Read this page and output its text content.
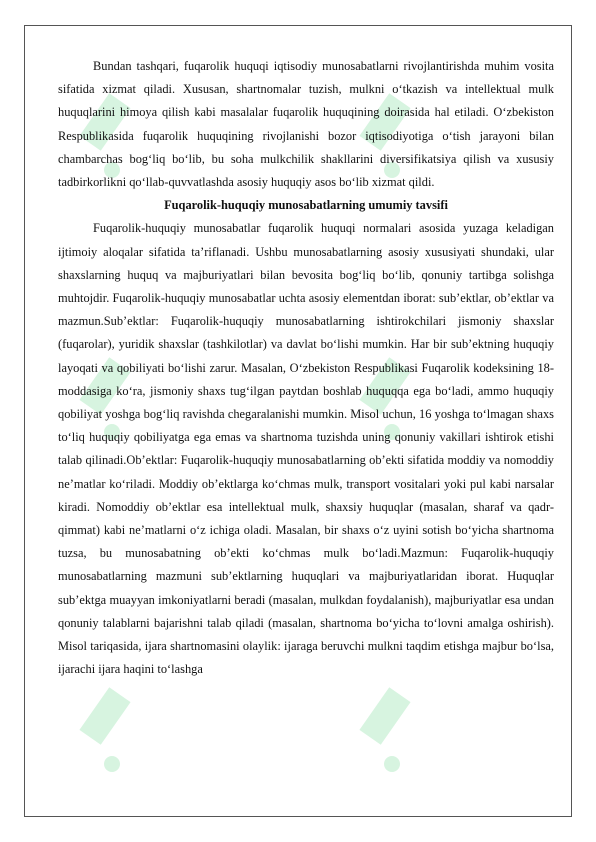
Bundan tashqari, fuqarolik huquqi iqtisodiy munosabatlarni rivojlantirishda muhim vosita sifatida xizmat qiladi. Xususan, shartnomalar tuzish, mulkni o‘tkazish va intellektual mulk huquqlarini himoya qilish kabi masalalar fuqarolik huquqining doirasida hal etiladi. O‘zbekiston Respublikasida fuqarolik huquqining rivojlanishi bozor iqtisodiyotiga o‘tish jarayoni bilan chambarchas bog‘liq bo‘lib, bu soha mulkchilik shakllarini diversifikatsiya qilish va xususiy tadbirkorlikni qo‘llab-quvvatlashda asosiy huquqiy asos bo‘lib xizmat qildi.

Fuqarolik-huquqiy munosabatlarning umumiy tavsifi

Fuqarolik-huquqiy munosabatlar fuqarolik huquqi normalari asosida yuzaga keladigan ijtimoiy aloqalar sifatida ta’riflanadi. Ushbu munosabatlarning asosiy xususiyati shundaki, ular shaxslarning huquq va majburiyatlari bilan bevosita bog‘liq bo‘lib, qonuniy tartibga solishga muhtojdir. Fuqarolik-huquqiy munosabatlar uchta asosiy elementdan iborat: sub’ektlar, ob’ektlar va mazmun.Sub’ektlar: Fuqarolik-huquqiy munosabatlarning ishtirokchilari jismoniy shaxslar (fuqarolar), yuridik shaxslar (tashkilotlar) va davlat bo‘lishi mumkin. Har bir sub’ektning huquqiy layoqati va qobiliyati bo‘lishi zarur. Masalan, O‘zbekiston Respublikasi Fuqarolik kodeksining 18-moddasiga ko‘ra, jismoniy shaxs tug‘ilgan paytdan boshlab huquqqa ega bo‘ladi, ammo huquqiy qobiliyat yoshga bog‘liq ravishda chegaralanishi mumkin. Misol uchun, 16 yoshga to‘lmagan shaxs to‘liq huquqiy qobiliyatga ega emas va shartnoma tuzishda uning qonuniy vakillari ishtirok etishi talab qilinadi.Ob’ektlar: Fuqarolik-huquqiy munosabatlarning ob’ekti sifatida moddiy va nomoddiy ne’matlar ko‘riladi. Moddiy ob’ektlarga ko‘chmas mulk, transport vositalari yoki pul kabi narsalar kiradi. Nomoddiy ob’ektlar esa intellektual mulk, shaxsiy huquqlar (masalan, sharaf va qadr-qimmat) kabi ne’matlarni o‘z ichiga oladi. Masalan, bir shaxs o‘z uyini sotish bo‘yicha shartnoma tuzsa, bu munosabatning ob’ekti ko‘chmas mulk bo‘ladi.Mazmun: Fuqarolik-huquqiy munosabatlarning mazmuni sub’ektlarning huquqlari va majburiyatlaridan iborat. Huquqlar sub’ektga muayyan imkoniyatlarni beradi (masalan, mulkdan foydalanish), majburiyatlar esa undan qonuniy talablarni bajarishni talab qiladi (masalan, shartnoma bo‘yicha to‘lovni amalga oshirish). Misol tariqasida, ijara shartnomasini olaylik: ijaraga beruvchi mulkni taqdim etishga majbur bo‘lsa, ijarachi ijara haqini to‘lashga
